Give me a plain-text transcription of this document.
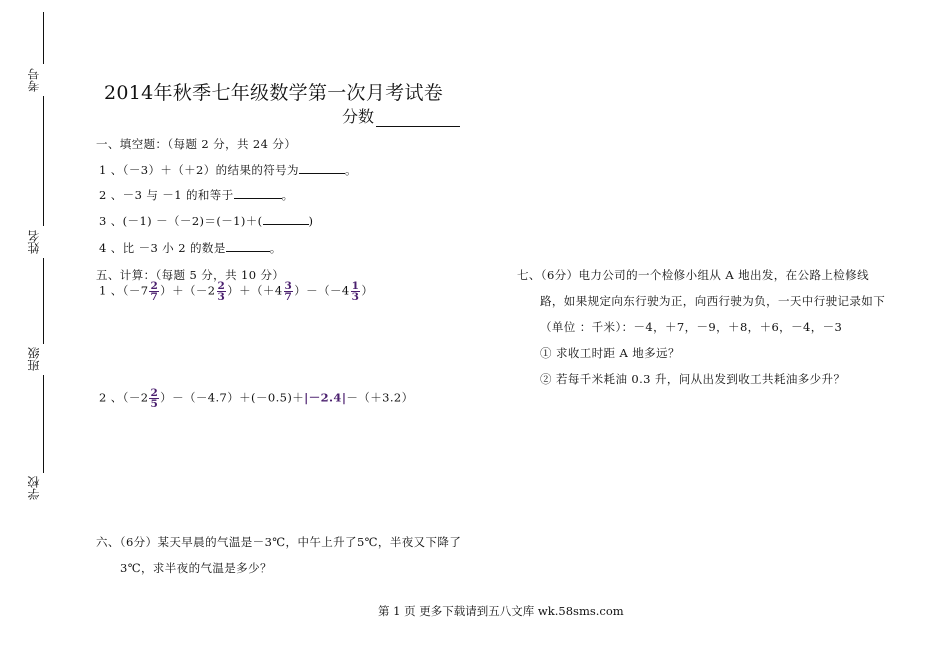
考号
姓名
班级
学校
2014年秋季七年级数学第一次月考试卷
分数
一、填空题：（每题 2 分，共 24 分）
1 、（－3）＋（＋2）的结果的符号为	。
2 、－3 与 －1 的和等于	。
3 、(－1) －（－2)＝(－1)＋(	)
4 、比 －3 小 2 的数是	。
五、计算：（每题 5 分，共 10 分）
1 、$(-7 \frac{2}{7} )+(-2 \frac{2}{3} )+(+4 \frac{3}{7} )-(-4 \frac{1}{3}$ ）
2 、$(-2 \frac{2}{5} )-(-4.7)+(-0.5)+|-2.4|-(+3.2)$
六、（6分）某天早晨的气温是－3℃，中午上升了5℃，半夜又下降了
3℃，求半夜的气温是多少？
七、（6分）电力公司的一个检修小组从 A 地出发，在公路上检修线
路，如果规定向东行驶为正，向西行驶为负，一天中行驶记录如下
（单位 ：千米）：－4，＋7，－9，＋8，＋6，－4，－3
① 求收工时距 A 地多远？
② 若每千米耗油 0.3 升，问从出发到收工共耗油多少升？
第 1 页 更多下载请到五八文库 wk.58sms.com
